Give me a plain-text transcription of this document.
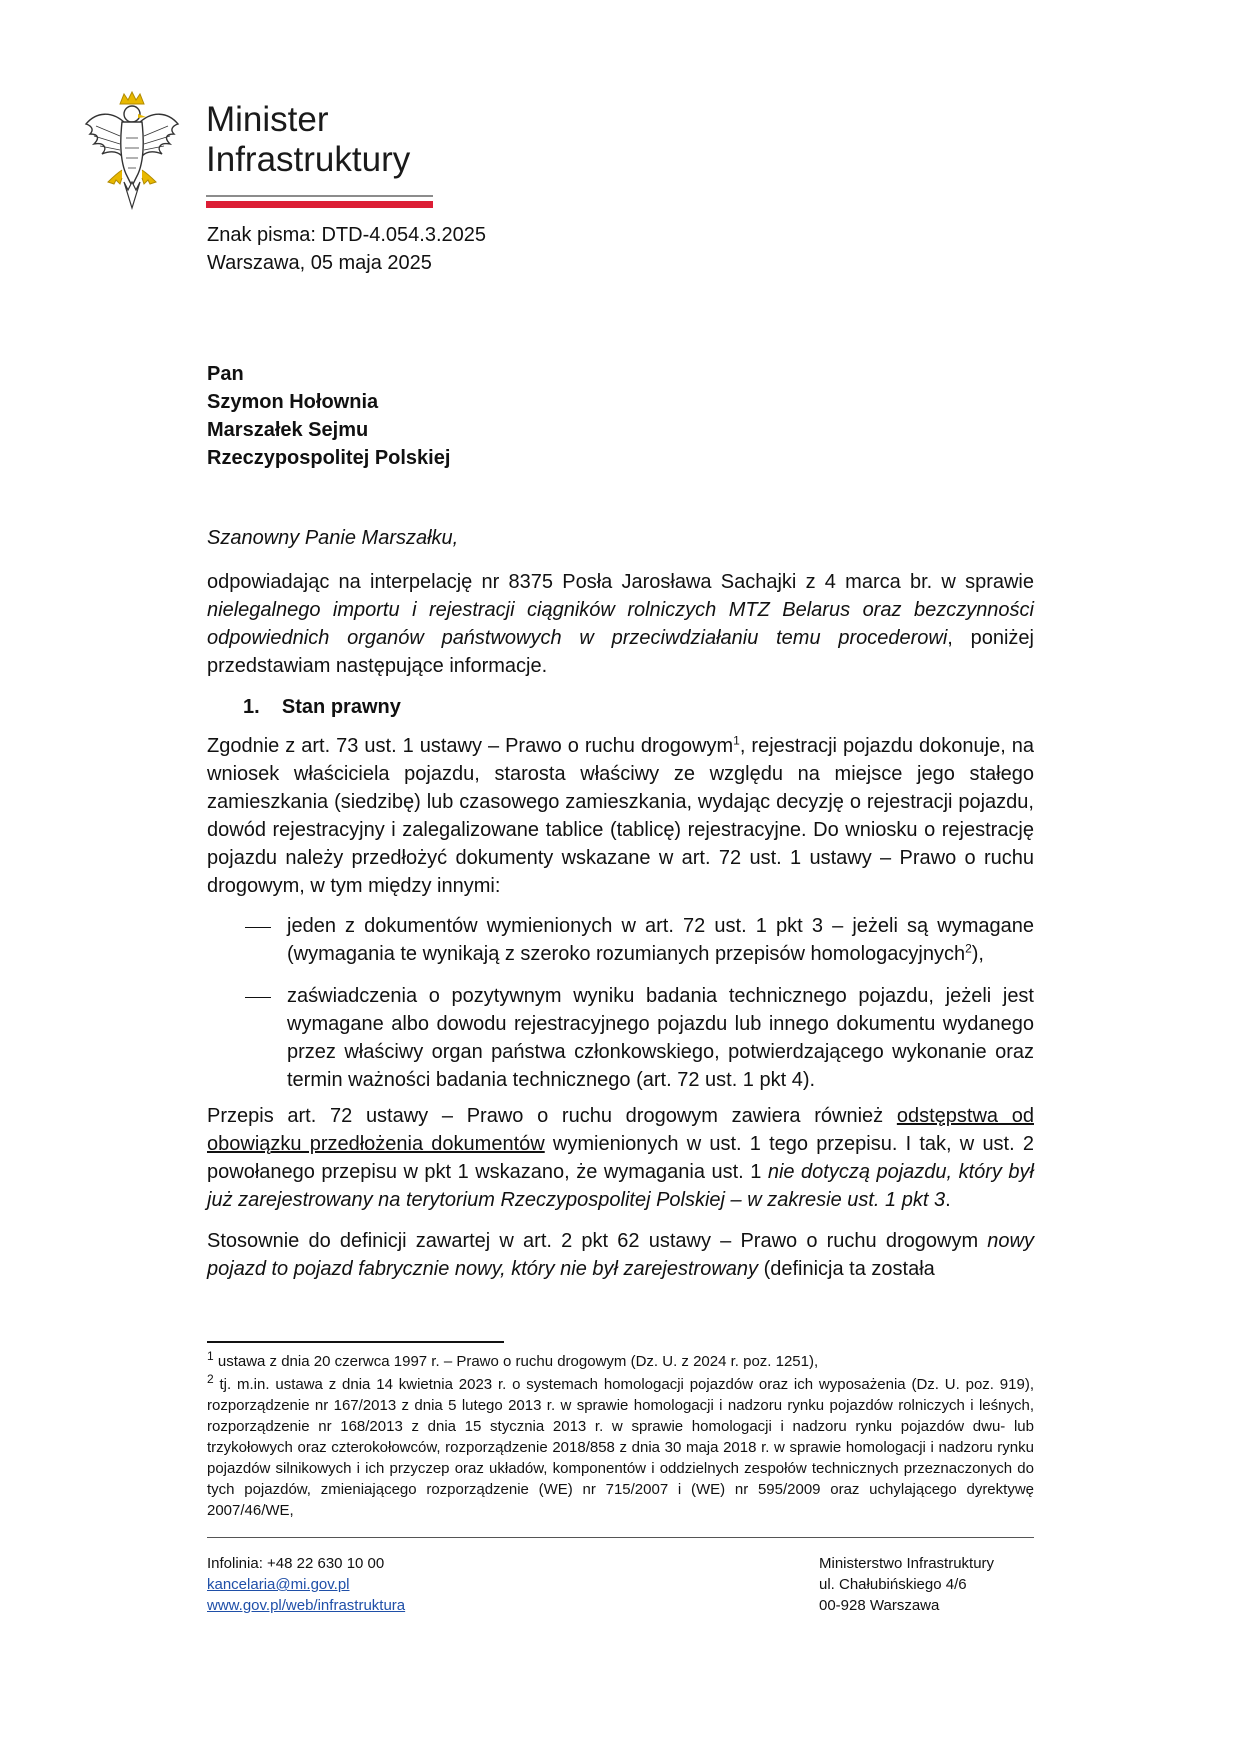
Minister
Infrastruktury
Znak pisma: DTD-4.054.3.2025
Warszawa, 05 maja 2025
Pan
Szymon Hołownia
Marszałek Sejmu
Rzeczypospolitej Polskiej
Szanowny Panie Marszałku,
odpowiadając na interpelację nr 8375 Posła Jarosława Sachajki z 4 marca br. w sprawie nielegalnego importu i rejestracji ciągników rolniczych MTZ Belarus oraz bezczynności odpowiednich organów państwowych w przeciwdziałaniu temu procederowi, poniżej przedstawiam następujące informacje.
1. Stan prawny
Zgodnie z art. 73 ust. 1 ustawy – Prawo o ruchu drogowym$^1$, rejestracji pojazdu dokonuje, na wniosek właściciela pojazdu, starosta właściwy ze względu na miejsce jego stałego zamieszkania (siedzibę) lub czasowego zamieszkania, wydając decyzję o rejestracji pojazdu, dowód rejestracyjny i zalegalizowane tablice (tablicę) rejestracyjne. Do wniosku o rejestrację pojazdu należy przedłożyć dokumenty wskazane w art. 72 ust. 1 ustawy – Prawo o ruchu drogowym, w tym między innymi:
jeden z dokumentów wymienionych w art. 72 ust. 1 pkt 3 – jeżeli są wymagane (wymagania te wynikają z szeroko rozumianych przepisów homologacyjnych$^2$),
zaświadczenia o pozytywnym wyniku badania technicznego pojazdu, jeżeli jest wymagane albo dowodu rejestracyjnego pojazdu lub innego dokumentu wydanego przez właściwy organ państwa członkowskiego, potwierdzającego wykonanie oraz termin ważności badania technicznego (art. 72 ust. 1 pkt 4).
Przepis art. 72 ustawy – Prawo o ruchu drogowym zawiera również odstępstwa od obowiązku przedłożenia dokumentów wymienionych w ust. 1 tego przepisu. I tak, w ust. 2 powołanego przepisu w pkt 1 wskazano, że wymagania ust. 1 nie dotyczą pojazdu, który był już zarejestrowany na terytorium Rzeczypospolitej Polskiej – w zakresie ust. 1 pkt 3.
Stosownie do definicji zawartej w art. 2 pkt 62 ustawy – Prawo o ruchu drogowym nowy pojazd to pojazd fabrycznie nowy, który nie był zarejestrowany (definicja ta została
$^1$ ustawa z dnia 20 czerwca 1997 r. – Prawo o ruchu drogowym (Dz. U. z 2024 r. poz. 1251),
$^2$ tj. m.in. ustawa z dnia 14 kwietnia 2023 r. o systemach homologacji pojazdów oraz ich wyposażenia (Dz. U. poz. 919), rozporządzenie nr 167/2013 z dnia 5 lutego 2013 r. w sprawie homologacji i nadzoru rynku pojazdów rolniczych i leśnych, rozporządzenie nr 168/2013 z dnia 15 stycznia 2013 r. w sprawie homologacji i nadzoru rynku pojazdów dwu- lub trzykołowych oraz czterokołowców, rozporządzenie 2018/858 z dnia 30 maja 2018 r. w sprawie homologacji i nadzoru rynku pojazdów silnikowych i ich przyczep oraz układów, komponentów i oddzielnych zespołów technicznych przeznaczonych do tych pojazdów, zmieniającego rozporządzenie (WE) nr 715/2007 i (WE) nr 595/2009 oraz uchylającego dyrektywę 2007/46/WE,
Infolinia: +48 22 630 10 00
kancelaria@mi.gov.pl
www.gov.pl/web/infrastruktura
Ministerstwo Infrastruktury
ul. Chałubińskiego 4/6
00-928 Warszawa
